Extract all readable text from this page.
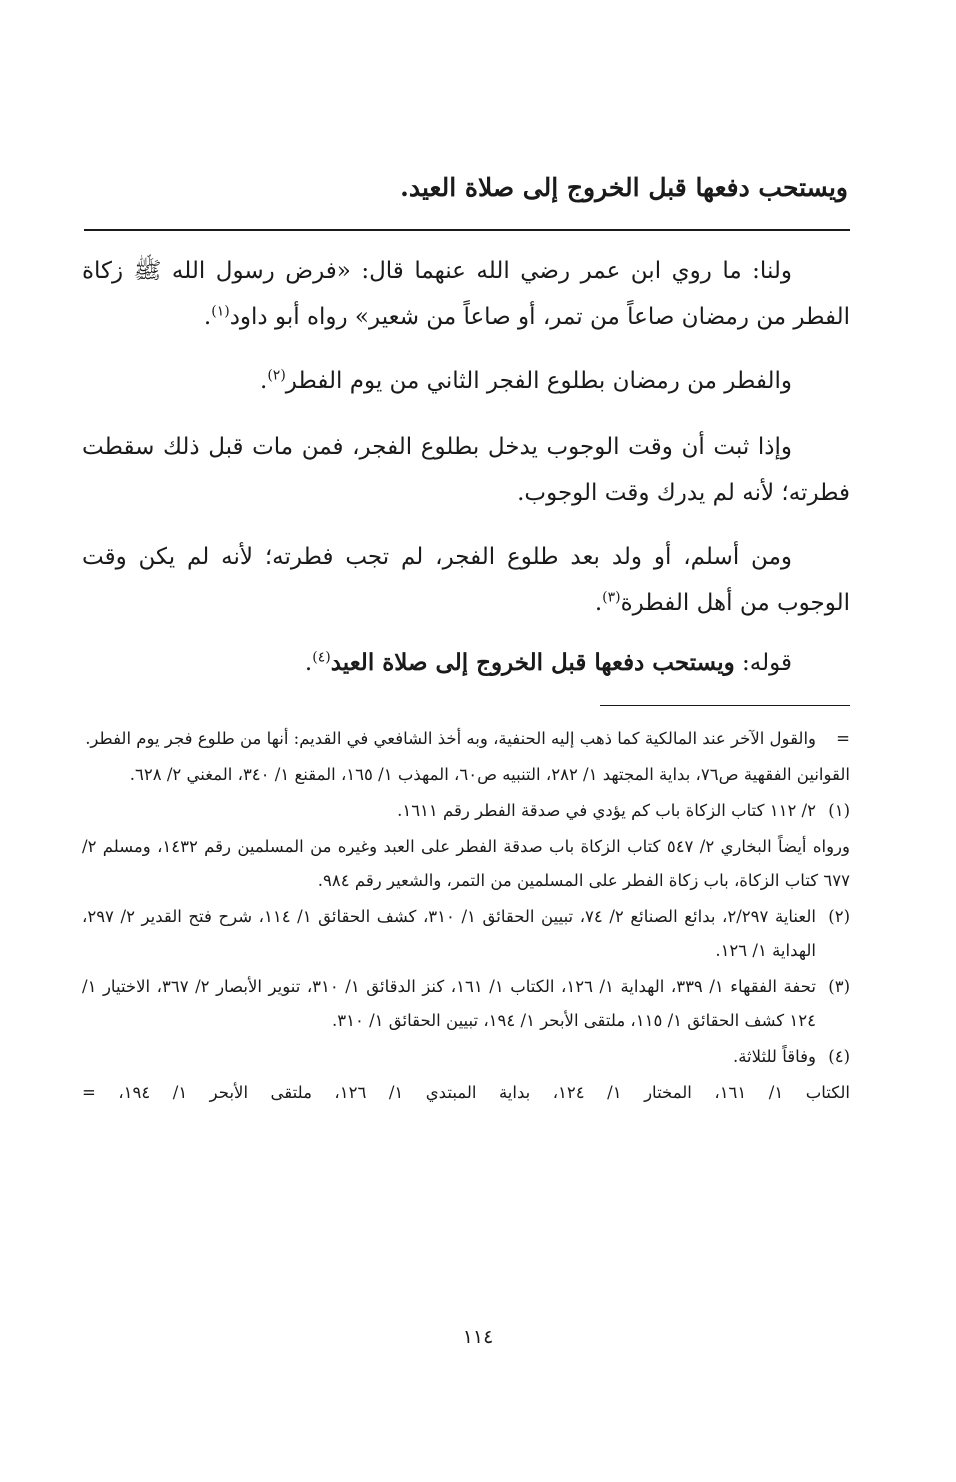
ويستحب دفعها قبل الخروج إلى صلاة العيد.
ولنا: ما روي ابن عمر رضي الله عنهما قال: «فرض رسول الله ﷺ زكاة الفطر من رمضان صاعاً من تمر، أو صاعاً من شعير» رواه أبو داود$^{(١)}$.
والفطر من رمضان بطلوع الفجر الثاني من يوم الفطر$^{(٢)}$.
وإذا ثبت أن وقت الوجوب يدخل بطلوع الفجر، فمن مات قبل ذلك سقطت فطرته؛ لأنه لم يدرك وقت الوجوب.
ومن أسلم، أو ولد بعد طلوع الفجر، لم تجب فطرته؛ لأنه لم يكن وقت الوجوب من أهل الفطرة$^{(٣)}$.
قوله: ويستحب دفعها قبل الخروج إلى صلاة العيد$^{(٤)}$.
=
والقول الآخر عند المالكية كما ذهب إليه الحنفية، وبه أخذ الشافعي في القديم: أنها من طلوع فجر يوم الفطر.
القوانين الفقهية ص٧٦، بداية المجتهد ١/ ٢٨٢، التنبيه ص٦٠، المهذب ١/ ١٦٥، المقنع ١/ ٣٤٠، المغني ٢/ ٦٢٨.
(١)
٢/ ١١٢ كتاب الزكاة باب كم يؤدي في صدقة الفطر رقم ١٦١١.
ورواه أيضاً البخاري ٢/ ٥٤٧ كتاب الزكاة باب صدقة الفطر على العبد وغيره من المسلمين رقم ١٤٣٢، ومسلم ٢/ ٦٧٧ كتاب الزكاة، باب زكاة الفطر على المسلمين من التمر، والشعير رقم ٩٨٤.
(٢)
العناية ٢/٢٩٧، بدائع الصنائع ٢/ ٧٤، تبيين الحقائق ١/ ٣١٠، كشف الحقائق ١/ ١١٤، شرح فتح القدير ٢/ ٢٩٧، الهداية ١/ ١٢٦.
(٣)
تحفة الفقهاء ١/ ٣٣٩، الهداية ١/ ١٢٦، الكتاب ١/ ١٦١، كنز الدقائق ١/ ٣١٠، تنوير الأبصار ٢/ ٣٦٧، الاختيار ١/ ١٢٤ كشف الحقائق ١/ ١١٥، ملتقى الأبحر ١/ ١٩٤، تبيين الحقائق ١/ ٣١٠.
(٤)
وفاقاً للثلاثة.
الكتاب ١/ ١٦١، المختار ١/ ١٢٤، بداية المبتدي ١/ ١٢٦، ملتقى الأبحر ١/ ١٩٤، =
١١٤
